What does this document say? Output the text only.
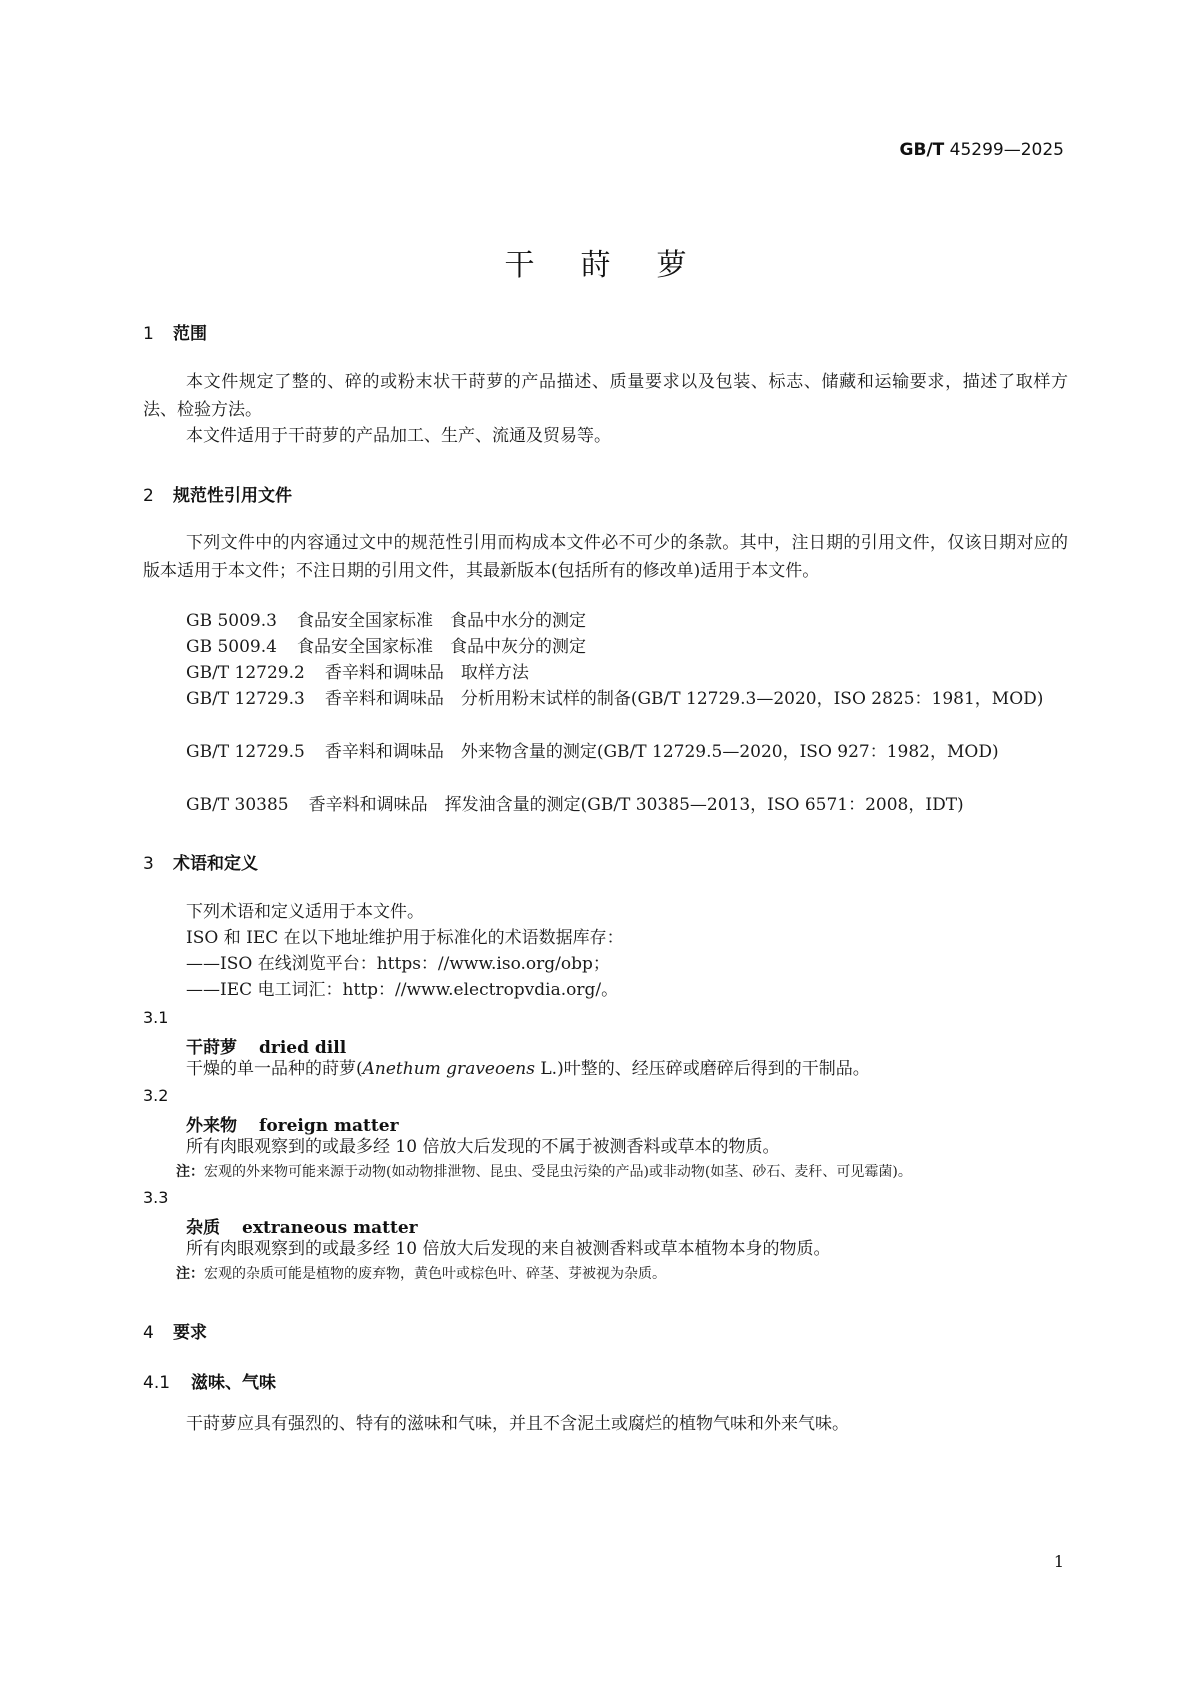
GB/T 45299—2025
干莳萝
1 范围
本文件规定了整的、碎的或粉末状干莳萝的产品描述、质量要求以及包装、标志、储藏和运输要求，描述了取样方法、检验方法。
本文件适用于干莳萝的产品加工、生产、流通及贸易等。
2 规范性引用文件
下列文件中的内容通过文中的规范性引用而构成本文件必不可少的条款。其中，注日期的引用文件，仅该日期对应的版本适用于本文件；不注日期的引用文件，其最新版本(包括所有的修改单)适用于本文件。
GB 5009.3 食品安全国家标准　食品中水分的测定
GB 5009.4 食品安全国家标准　食品中灰分的测定
GB/T 12729.2 香辛料和调味品　取样方法
GB/T 12729.3 香辛料和调味品　分析用粉末试样的制备(GB/T 12729.3—2020，ISO 2825：1981，MOD)
GB/T 12729.5 香辛料和调味品　外来物含量的测定(GB/T 12729.5—2020，ISO 927：1982，MOD)
GB/T 30385 香辛料和调味品　挥发油含量的测定(GB/T 30385—2013，ISO 6571：2008，IDT)
3 术语和定义
下列术语和定义适用于本文件。
ISO 和 IEC 在以下地址维护用于标准化的术语数据库存：
——ISO 在线浏览平台：https：//www.iso.org/obp；
——IEC 电工词汇：http：//www.electropvdia.org/。
3.1
干莳萝 dried dill
干燥的单一品种的莳萝(Anethum graveoens L.)叶整的、经压碎或磨碎后得到的干制品。
3.2
外来物 foreign matter
所有肉眼观察到的或最多经 10 倍放大后发现的不属于被测香料或草本的物质。
注：宏观的外来物可能来源于动物(如动物排泄物、昆虫、受昆虫污染的产品)或非动物(如茎、砂石、麦秆、可见霉菌)。
3.3
杂质 extraneous matter
所有肉眼观察到的或最多经 10 倍放大后发现的来自被测香料或草本植物本身的物质。
注：宏观的杂质可能是植物的废弃物，黄色叶或棕色叶、碎茎、芽被视为杂质。
4 要求
4.1 滋味、气味
干莳萝应具有强烈的、特有的滋味和气味，并且不含泥土或腐烂的植物气味和外来气味。
1
